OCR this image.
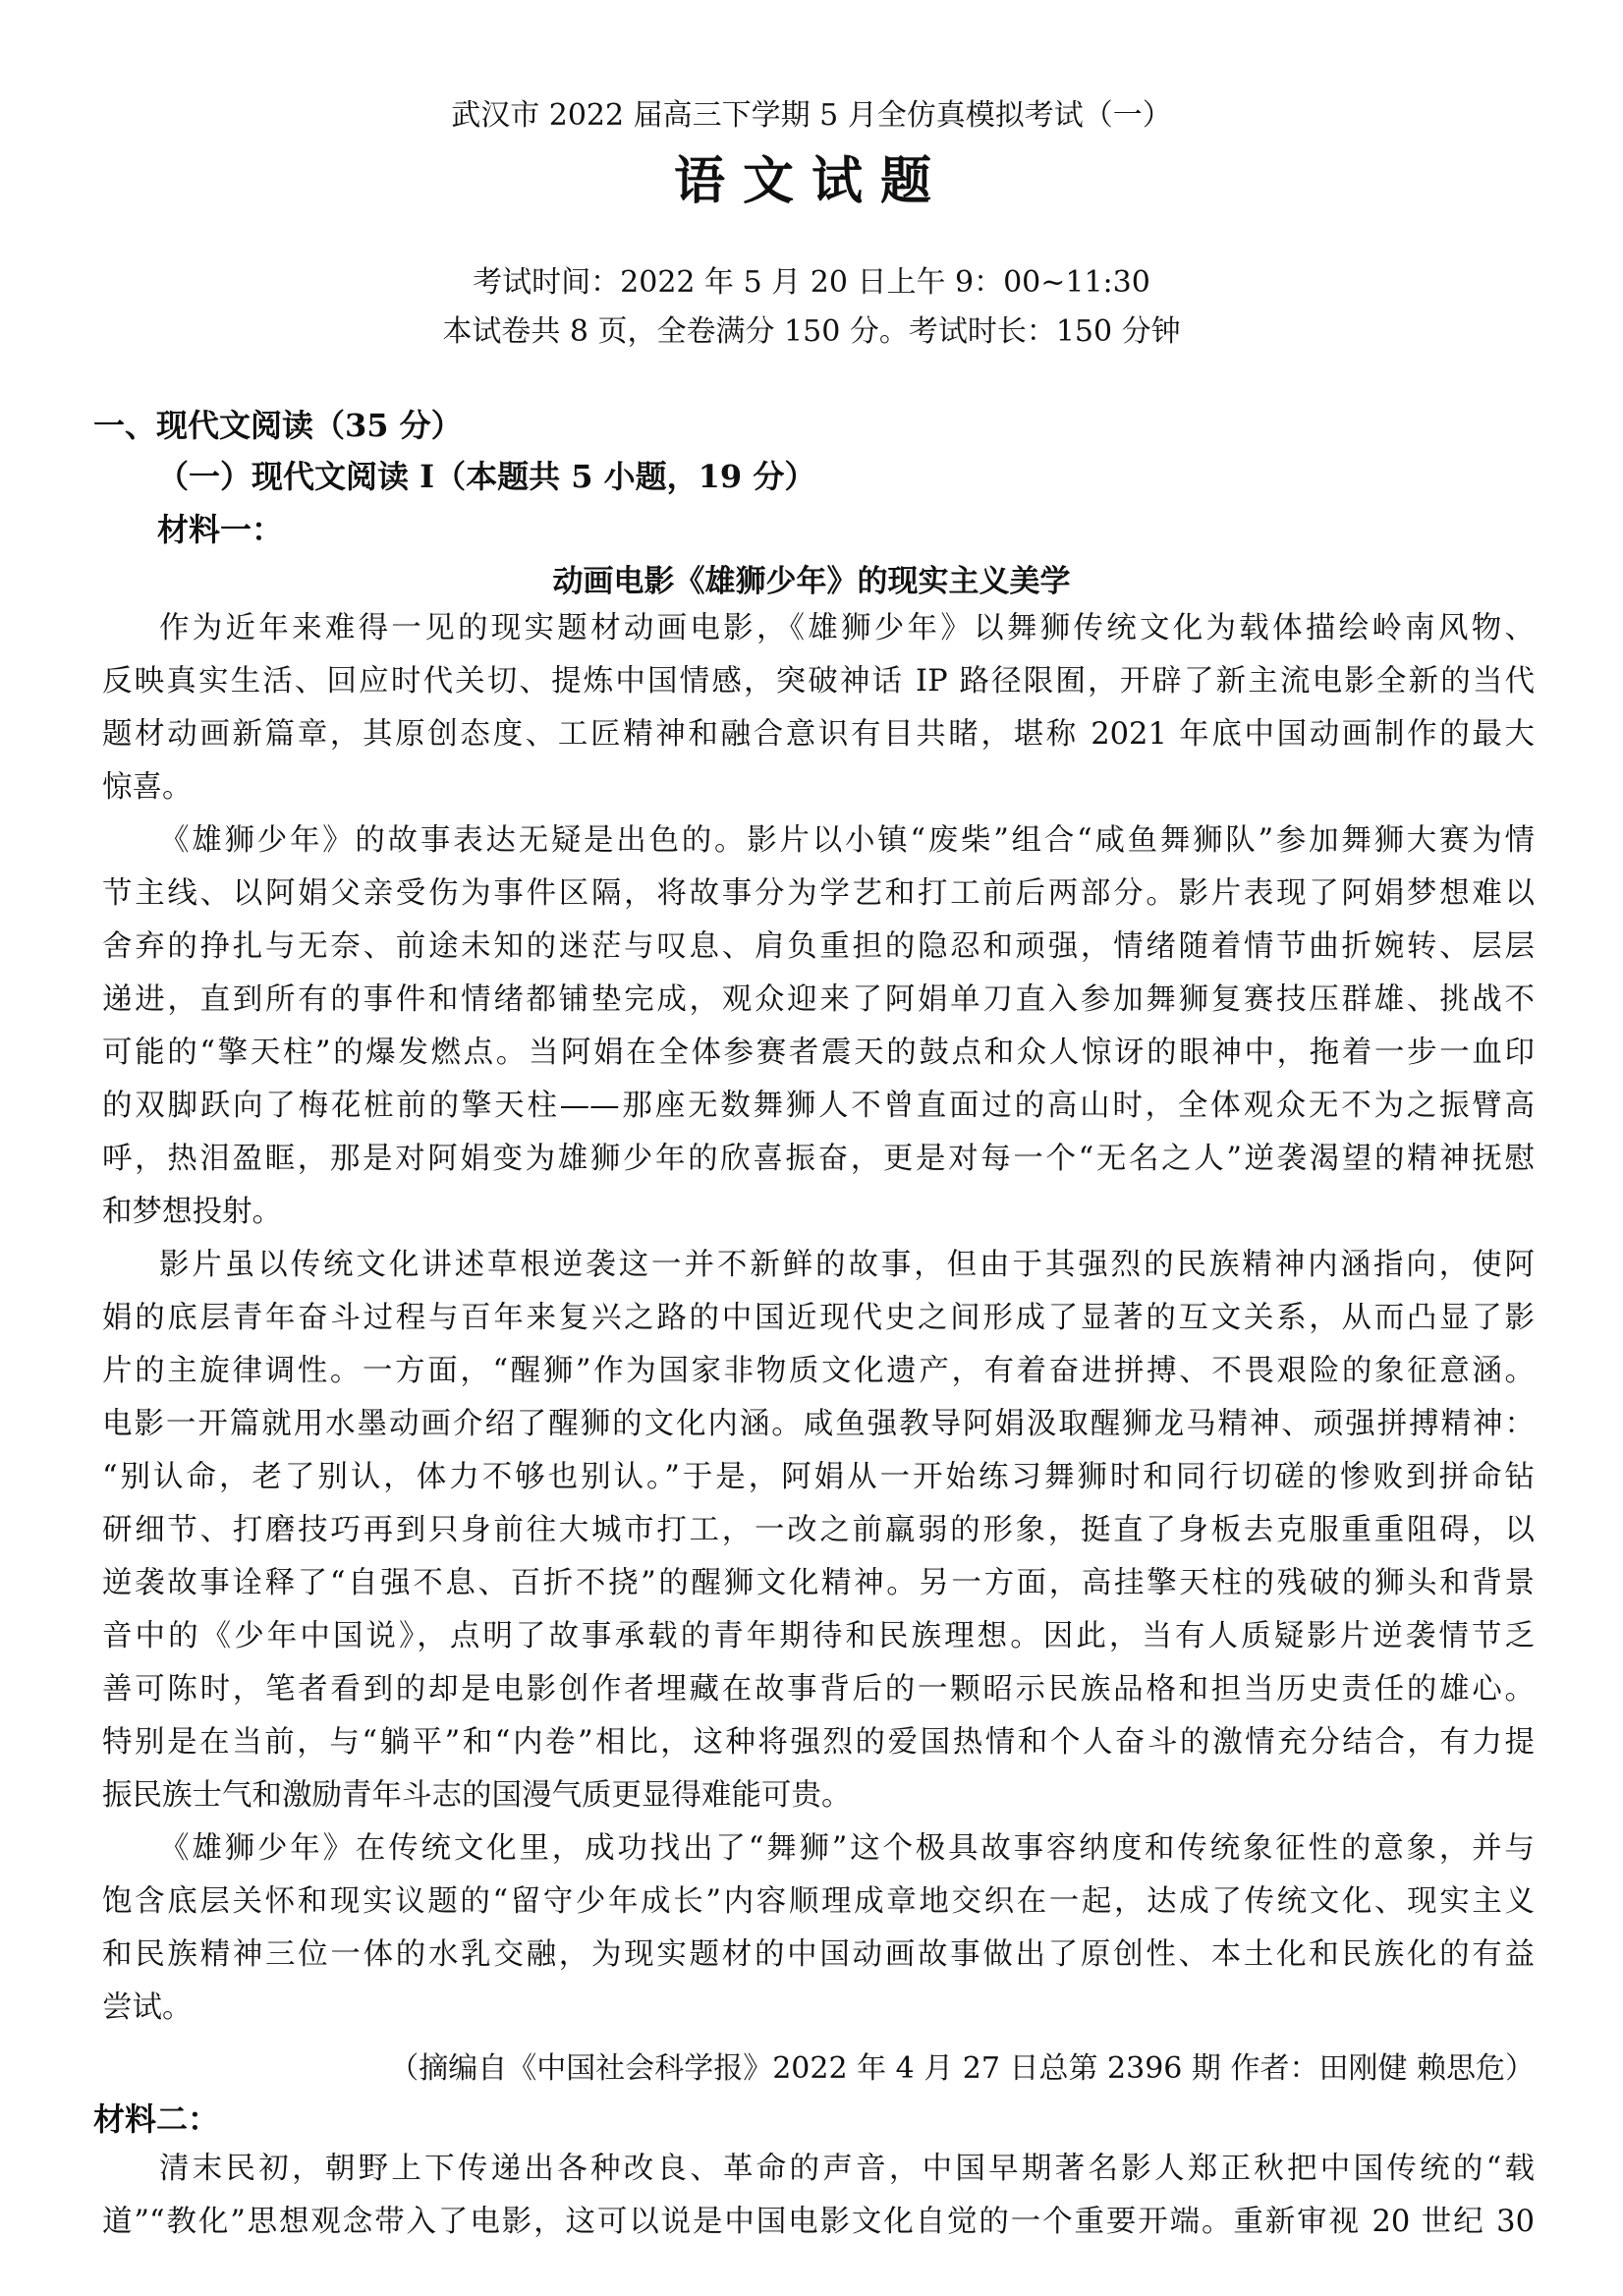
武汉市 2022 届高三下学期 5 月全仿真模拟考试（一）
语文试题
考试时间：2022 年 5 月 20 日上午 9：00~11:30
本试卷共 8 页，全卷满分 150 分。考试时长：150 分钟
一、现代文阅读（35 分）
（一）现代文阅读 I（本题共 5 小题，19 分）
材料一：
动画电影《雄狮少年》的现实主义美学
作为近年来难得一见的现实题材动画电影，《雄狮少年》以舞狮传统文化为载体描绘岭南风物、
反映真实生活、回应时代关切、提炼中国情感，突破神话 IP 路径限囿，开辟了新主流电影全新的当代
题材动画新篇章，其原创态度、工匠精神和融合意识有目共睹，堪称 2021 年底中国动画制作的最大
惊喜。
《雄狮少年》的故事表达无疑是出色的。影片以小镇“废柴”组合“咸鱼舞狮队”参加舞狮大赛为情
节主线、以阿娟父亲受伤为事件区隔，将故事分为学艺和打工前后两部分。影片表现了阿娟梦想难以
舍弃的挣扎与无奈、前途未知的迷茫与叹息、肩负重担的隐忍和顽强，情绪随着情节曲折婉转、层层
递进，直到所有的事件和情绪都铺垫完成，观众迎来了阿娟单刀直入参加舞狮复赛技压群雄、挑战不
可能的“擎天柱”的爆发燃点。当阿娟在全体参赛者震天的鼓点和众人惊讶的眼神中，拖着一步一血印
的双脚跃向了梅花桩前的擎天柱——那座无数舞狮人不曾直面过的高山时，全体观众无不为之振臂高
呼，热泪盈眶，那是对阿娟变为雄狮少年的欣喜振奋，更是对每一个“无名之人”逆袭渴望的精神抚慰
和梦想投射。
影片虽以传统文化讲述草根逆袭这一并不新鲜的故事，但由于其强烈的民族精神内涵指向，使阿
娟的底层青年奋斗过程与百年来复兴之路的中国近现代史之间形成了显著的互文关系，从而凸显了影
片的主旋律调性。一方面，“醒狮”作为国家非物质文化遗产，有着奋进拼搏、不畏艰险的象征意涵。
电影一开篇就用水墨动画介绍了醒狮的文化内涵。咸鱼强教导阿娟汲取醒狮龙马精神、顽强拼搏精神：
“别认命，老了别认，体力不够也别认。”于是，阿娟从一开始练习舞狮时和同行切磋的惨败到拼命钻
研细节、打磨技巧再到只身前往大城市打工，一改之前羸弱的形象，挺直了身板去克服重重阻碍，以
逆袭故事诠释了“自强不息、百折不挠”的醒狮文化精神。另一方面，高挂擎天柱的残破的狮头和背景
音中的《少年中国说》，点明了故事承载的青年期待和民族理想。因此，当有人质疑影片逆袭情节乏
善可陈时，笔者看到的却是电影创作者埋藏在故事背后的一颗昭示民族品格和担当历史责任的雄心。
特别是在当前，与“躺平”和“内卷”相比，这种将强烈的爱国热情和个人奋斗的激情充分结合，有力提
振民族士气和激励青年斗志的国漫气质更显得难能可贵。
《雄狮少年》在传统文化里，成功找出了“舞狮”这个极具故事容纳度和传统象征性的意象，并与
饱含底层关怀和现实议题的“留守少年成长”内容顺理成章地交织在一起，达成了传统文化、现实主义
和民族精神三位一体的水乳交融，为现实题材的中国动画故事做出了原创性、本土化和民族化的有益
尝试。
（摘编自《中国社会科学报》2022 年 4 月 27 日总第 2396 期 作者：田刚健 赖思危）
材料二：
清末民初，朝野上下传递出各种改良、革命的声音，中国早期著名影人郑正秋把中国传统的“载
道”“教化”思想观念带入了电影，这可以说是中国电影文化自觉的一个重要开端。重新审视 20 世纪 30
